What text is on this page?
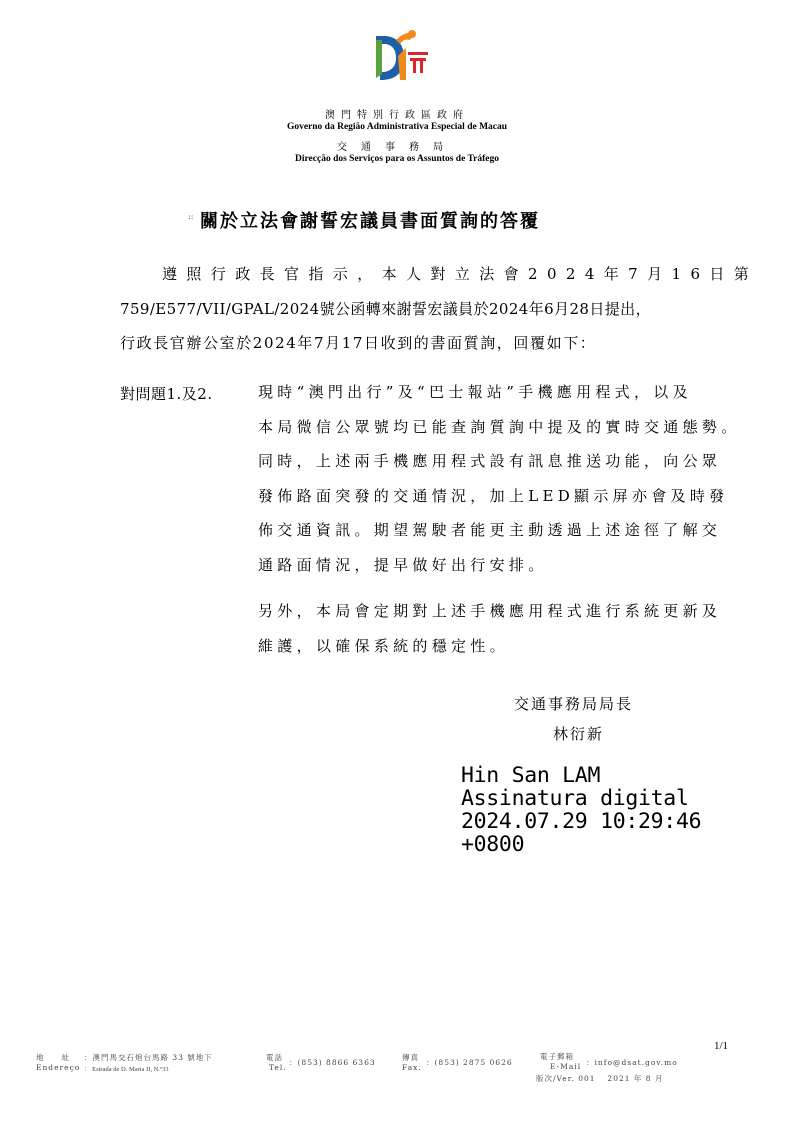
澳門特別行政區政府
Governo da Região Administrativa Especial de Macau
交通事務局
Direcção dos Serviços para os Assuntos de Tráfego
:: 關於立法會謝誓宏議員書面質詢的答覆
遵照行政長官指示，本人對立法會2024年7月16日第
759/E577/VII/GPAL/2024號公函轉來謝誓宏議員於2024年6月28日提出，
行政長官辦公室於2024年7月17日收到的書面質詢，回覆如下：
對問題1.及2.	現時“澳門出行”及“巴士報站”手機應用程式，以及
本局微信公眾號均已能查詢質詢中提及的實時交通態勢。
同時，上述兩手機應用程式設有訊息推送功能，向公眾
發佈路面突發的交通情況，加上LED顯示屏亦會及時發
佈交通資訊。期望駕駛者能更主動透過上述途徑了解交
通路面情況，提早做好出行安排。
另外，本局會定期對上述手機應用程式進行系統更新及
維護，以確保系統的穩定性。
交通事務局局長
林衍新
Hin San LAM
Assinatura digital
2024.07.29 10:29:46
+0800
1/1
地　　址
Endereço
：澳門馬交石炮台馬路 33 號地下
： Estrada de D. Maria II, N.º33
電話
Tel.
：(853) 8866 6363
傳真
Fax.
：(853) 2875 0626
電子郵箱
E-Mail ：info@dsat.gov.mo
版次/Ver. 001　 2021 年 8 月
